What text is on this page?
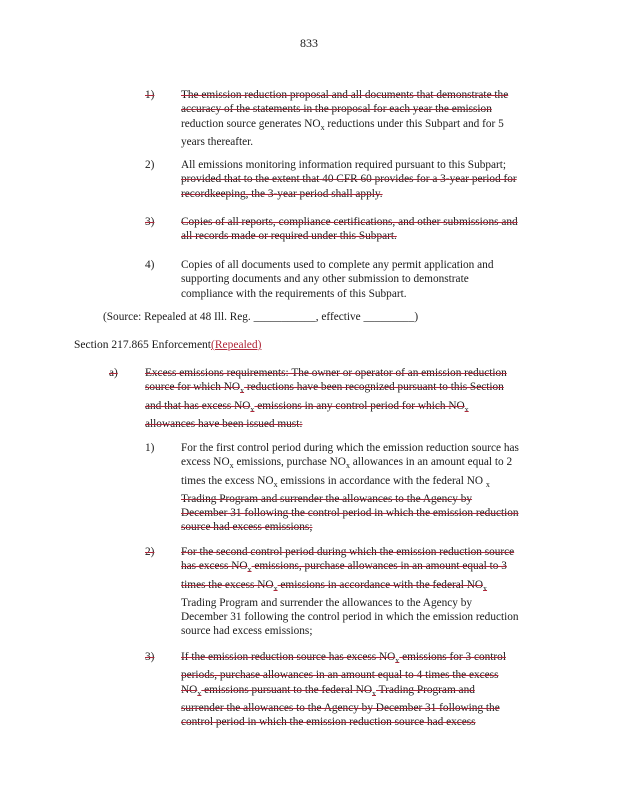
833
1) The emission reduction proposal and all documents that demonstrate the
accuracy of the statements in the proposal for each year the emission
reduction source generates $NO_x$ reductions under this Subpart and for 5
years thereafter.
2) All emissions monitoring information required pursuant to this Subpart;
provided that to the extent that 40 CFR 60 provides for a 3-year period for
recordkeeping, the 3-year period shall apply.
3) Copies of all reports, compliance certifications, and other submissions and
all records made or required under this Subpart.
4) Copies of all documents used to complete any permit application and
supporting documents and any other submission to demonstrate
compliance with the requirements of this Subpart.
(Source: Repealed at 48 Ill. Reg. ___________, effective _________)
Section 217.865 Enforcement(Repealed)
a) Excess emissions requirements: The owner or operator of an emission reduction
source for which $NO_x$ reductions have been recognized pursuant to this Section
and that has excess $NO_x$ emissions in any control period for which $NO_x$
allowances have been issued must:
1) For the first control period during which the emission reduction source has
excess $NO_x$ emissions, purchase $NO_x$ allowances in an amount equal to 2
times the excess $NO_x$ emissions in accordance with the federal NO $_x$
Trading Program and surrender the allowances to the Agency by
December 31 following the control period in which the emission reduction
source had excess emissions;
2) For the second control period during which the emission reduction source
has excess $NO_x$ emissions, purchase allowances in an amount equal to 3
times the excess $NO_x$ emissions in accordance with the federal $NO_x$
Trading Program and surrender the allowances to the Agency by
December 31 following the control period in which the emission reduction
source had excess emissions;
3) If the emission reduction source has excess $NO_x$ emissions for 3 control
periods, purchase allowances in an amount equal to 4 times the excess
$NO_x$ emissions pursuant to the federal $NO_x$ Trading Program and
surrender the allowances to the Agency by December 31 following the
control period in which the emission reduction source had excess
